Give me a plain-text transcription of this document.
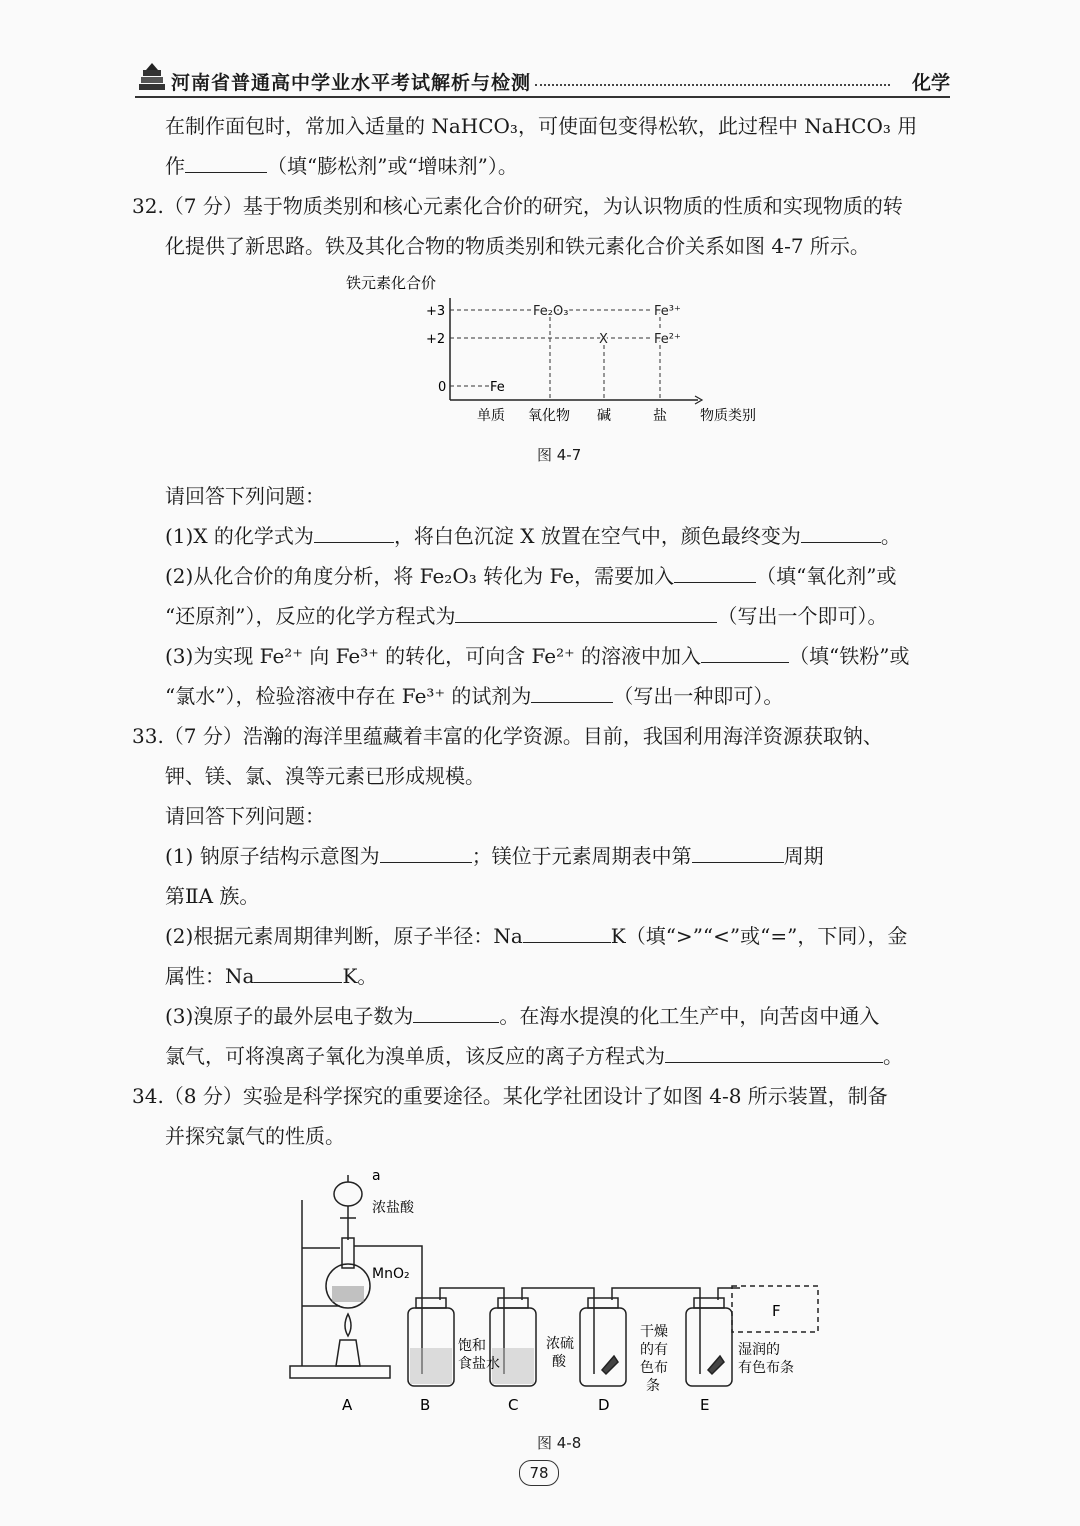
河南省普通高中学业水平考试解析与检测	化学
在制作面包时，常加入适量的 NaHCO₃，可使面包变得松软，此过程中 NaHCO₃ 用
作	（填“膨松剂”或“增味剂”）。
32.（7 分）基于物质类别和核心元素化合价的研究，为认识物质的性质和实现物质的转
化提供了新思路。铁及其化合物的物质类别和铁元素化合价关系如图 4-7 所示。
铁元素化合价
+3
+2
0
Fe₂O₃	Fe³⁺
X	Fe²⁺
Fe
单质 氧化物 碱	盐 物质类别
图 4-7
请回答下列问题：
(1)X 的化学式为	，将白色沉淀 X 放置在空气中，颜色最终变为	。
(2)从化合价的角度分析，将 Fe₂O₃ 转化为 Fe，需要加入	（填“氧化剂”或
“还原剂”），反应的化学方程式为	（写出一个即可）。
(3)为实现 Fe²⁺ 向 Fe³⁺ 的转化，可向含 Fe²⁺ 的溶液中加入	（填“铁粉”或
“氯水”），检验溶液中存在 Fe³⁺ 的试剂为	（写出一种即可）。
33.（7 分）浩瀚的海洋里蕴藏着丰富的化学资源。目前，我国利用海洋资源获取钠、
钾、镁、氯、溴等元素已形成规模。
请回答下列问题：
(1) 钠原子结构示意图为	；镁位于元素周期表中第	周期
第ⅡA 族。
(2)根据元素周期律判断，原子半径：Na	K（填“>”“<”或“=”，下同），金
属性：Na	K。
(3)溴原子的最外层电子数为	。在海水提溴的化工生产中，向苦卤中通入
氯气，可将溴离子氧化为溴单质，该反应的离子方程式为	。
34.（8 分）实验是科学探究的重要途径。某化学社团设计了如图 4-8 所示装置，制备
并探究氯气的性质。
a
浓盐酸
MnO₂
饱和
食盐水
浓硫
酸
干燥
的有
色布
条
湿润的
有色布条
F
A	B	C	D	E
图 4-8
78
